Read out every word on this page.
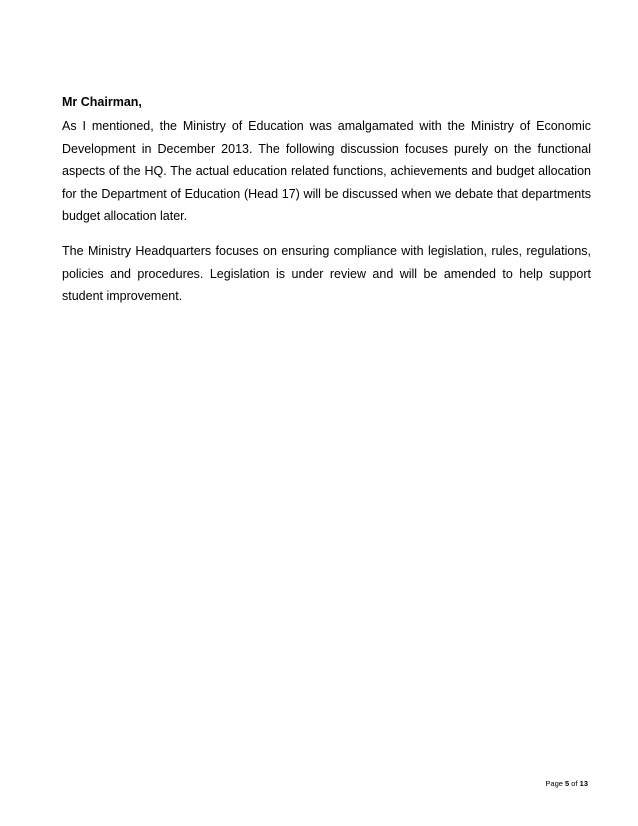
Mr Chairman,

As I mentioned, the Ministry of Education was amalgamated with the Ministry of Economic Development in December 2013. The following discussion focuses purely on the functional aspects of the HQ. The actual education related functions, achievements and budget allocation for the Department of Education (Head 17) will be discussed when we debate that departments budget allocation later.

The Ministry Headquarters focuses on ensuring compliance with legislation, rules, regulations, policies and procedures. Legislation is under review and will be amended to help support student improvement.

Page 5 of 13
